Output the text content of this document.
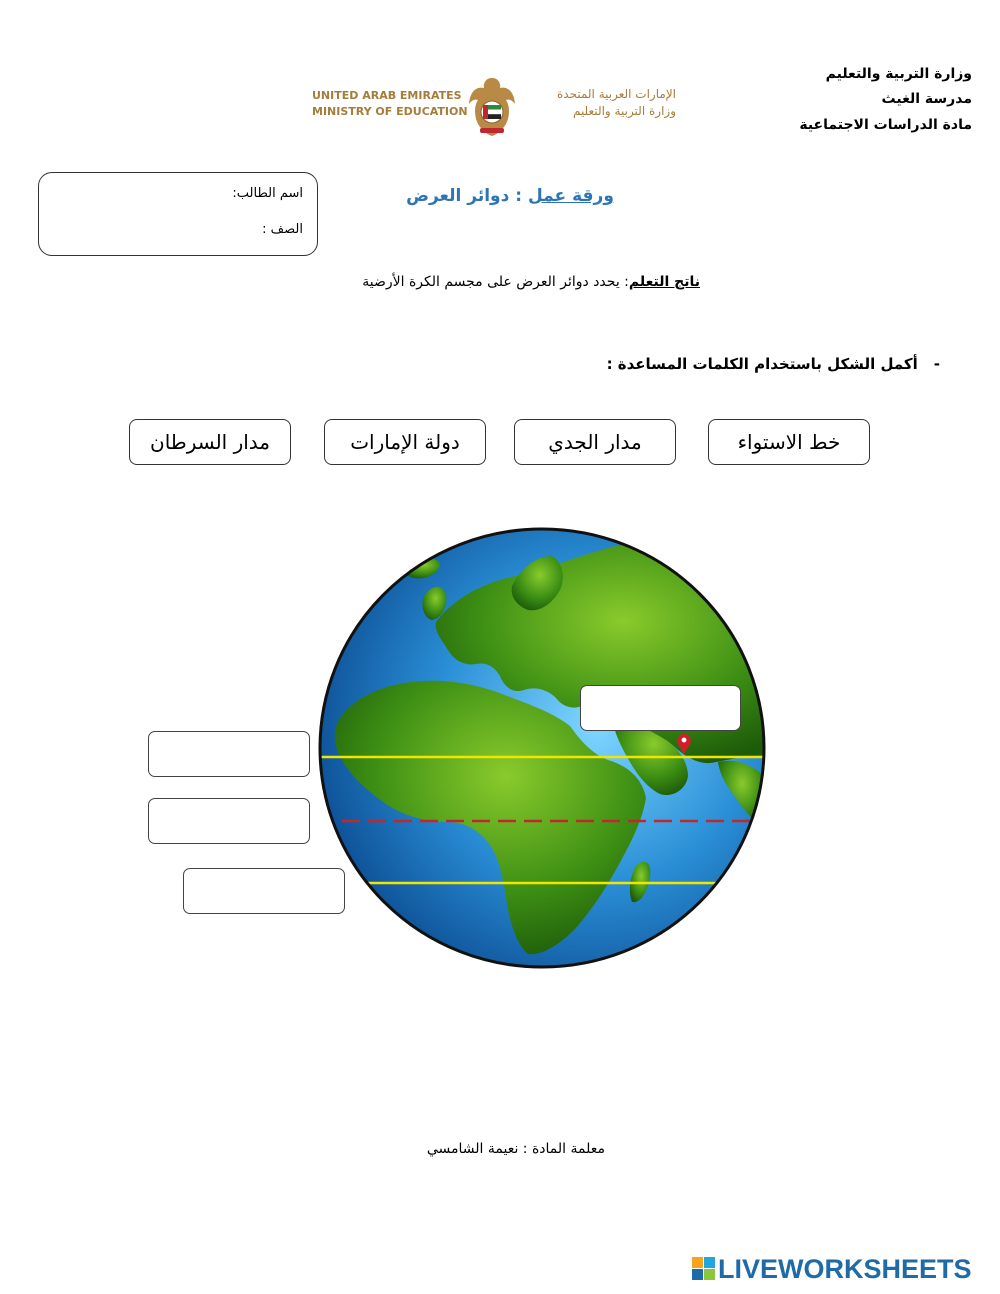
وزارة التربية والتعليم
مدرسة الغيث
مادة الدراسات الاجتماعية
UNITED ARAB EMIRATES
MINISTRY OF EDUCATION
الإمارات العربية المتحدة
وزارة التربية والتعليم
اسم الطالب:
الصف :
ورقة عمل : دوائر العرض
ناتج التعلم: يحدد دوائر العرض على مجسم الكرة الأرضية
-أكمل الشكل باستخدام الكلمات المساعدة :
خط الاستواء
مدار الجدي
دولة الإمارات
مدار السرطان
معلمة المادة : نعيمة الشامسي
LIVEWORKSHEETS
